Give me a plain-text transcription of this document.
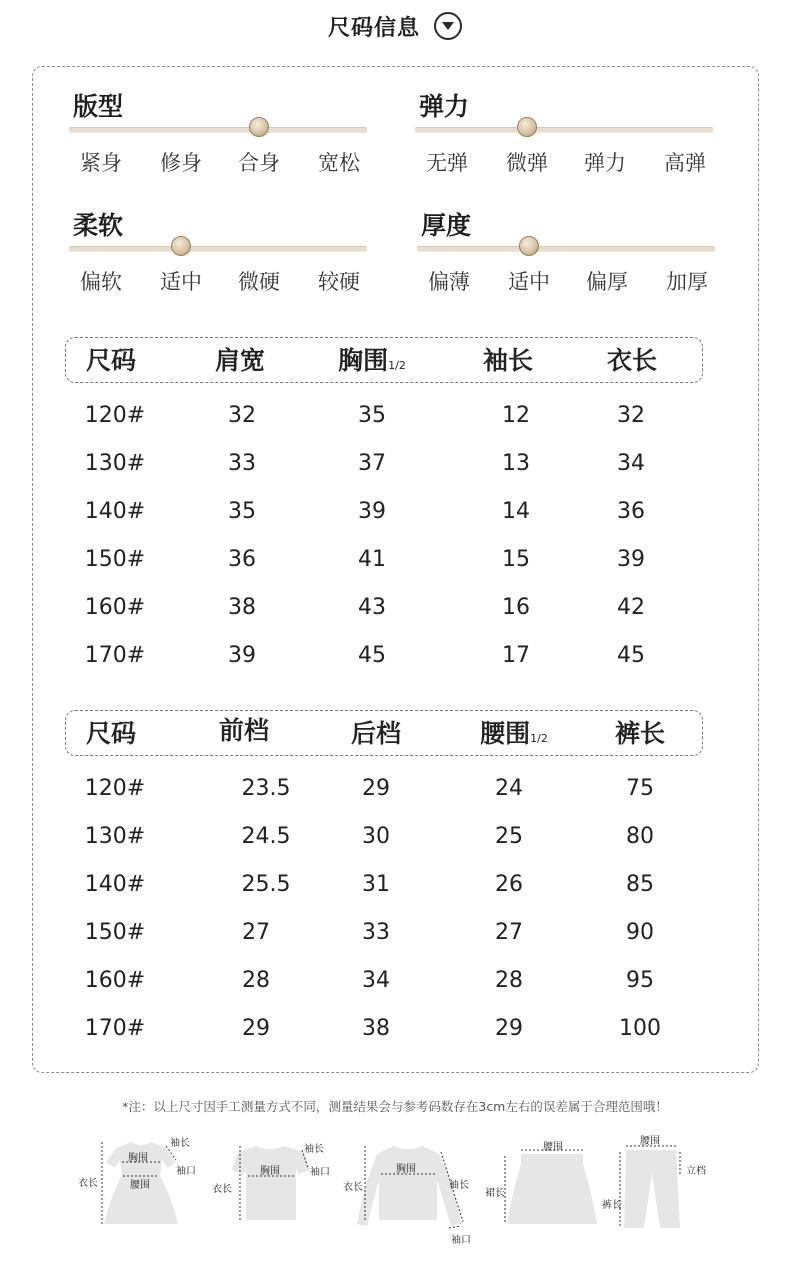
尺码信息
版型
紧身	修身	合身	宽松
弹力
无弹	微弹	弹力	高弹
柔软
偏软	适中	微硬	较硬
厚度
偏薄	适中	偏厚	加厚
尺码	肩宽	胸围1/2	袖长	衣长
120#	32	35	12	32
130#	33	37	13	34
140#	35	39	14	36
150#	36	41	15	39
160#	38	43	16	42
170#	39	45	17	45
尺码	前档	后档	腰围1/2	裤长
120#	23.5	29	24	75
130#	24.5	30	25	80
140#	25.5	31	26	85
150#	27	33	27	90
160#	28	34	28	95
170#	29	38	29	100
*注：以上尺寸因手工测量方式不同，测量结果会与参考码数存在3cm左右的误差属于合理范围哦！
袖长
衣长
胸围
袖口
腰围
袖长
衣长
胸围	袖口	胸围
衣长	袖长
袖口
腰围
裙长
腰围
立档
裤长
